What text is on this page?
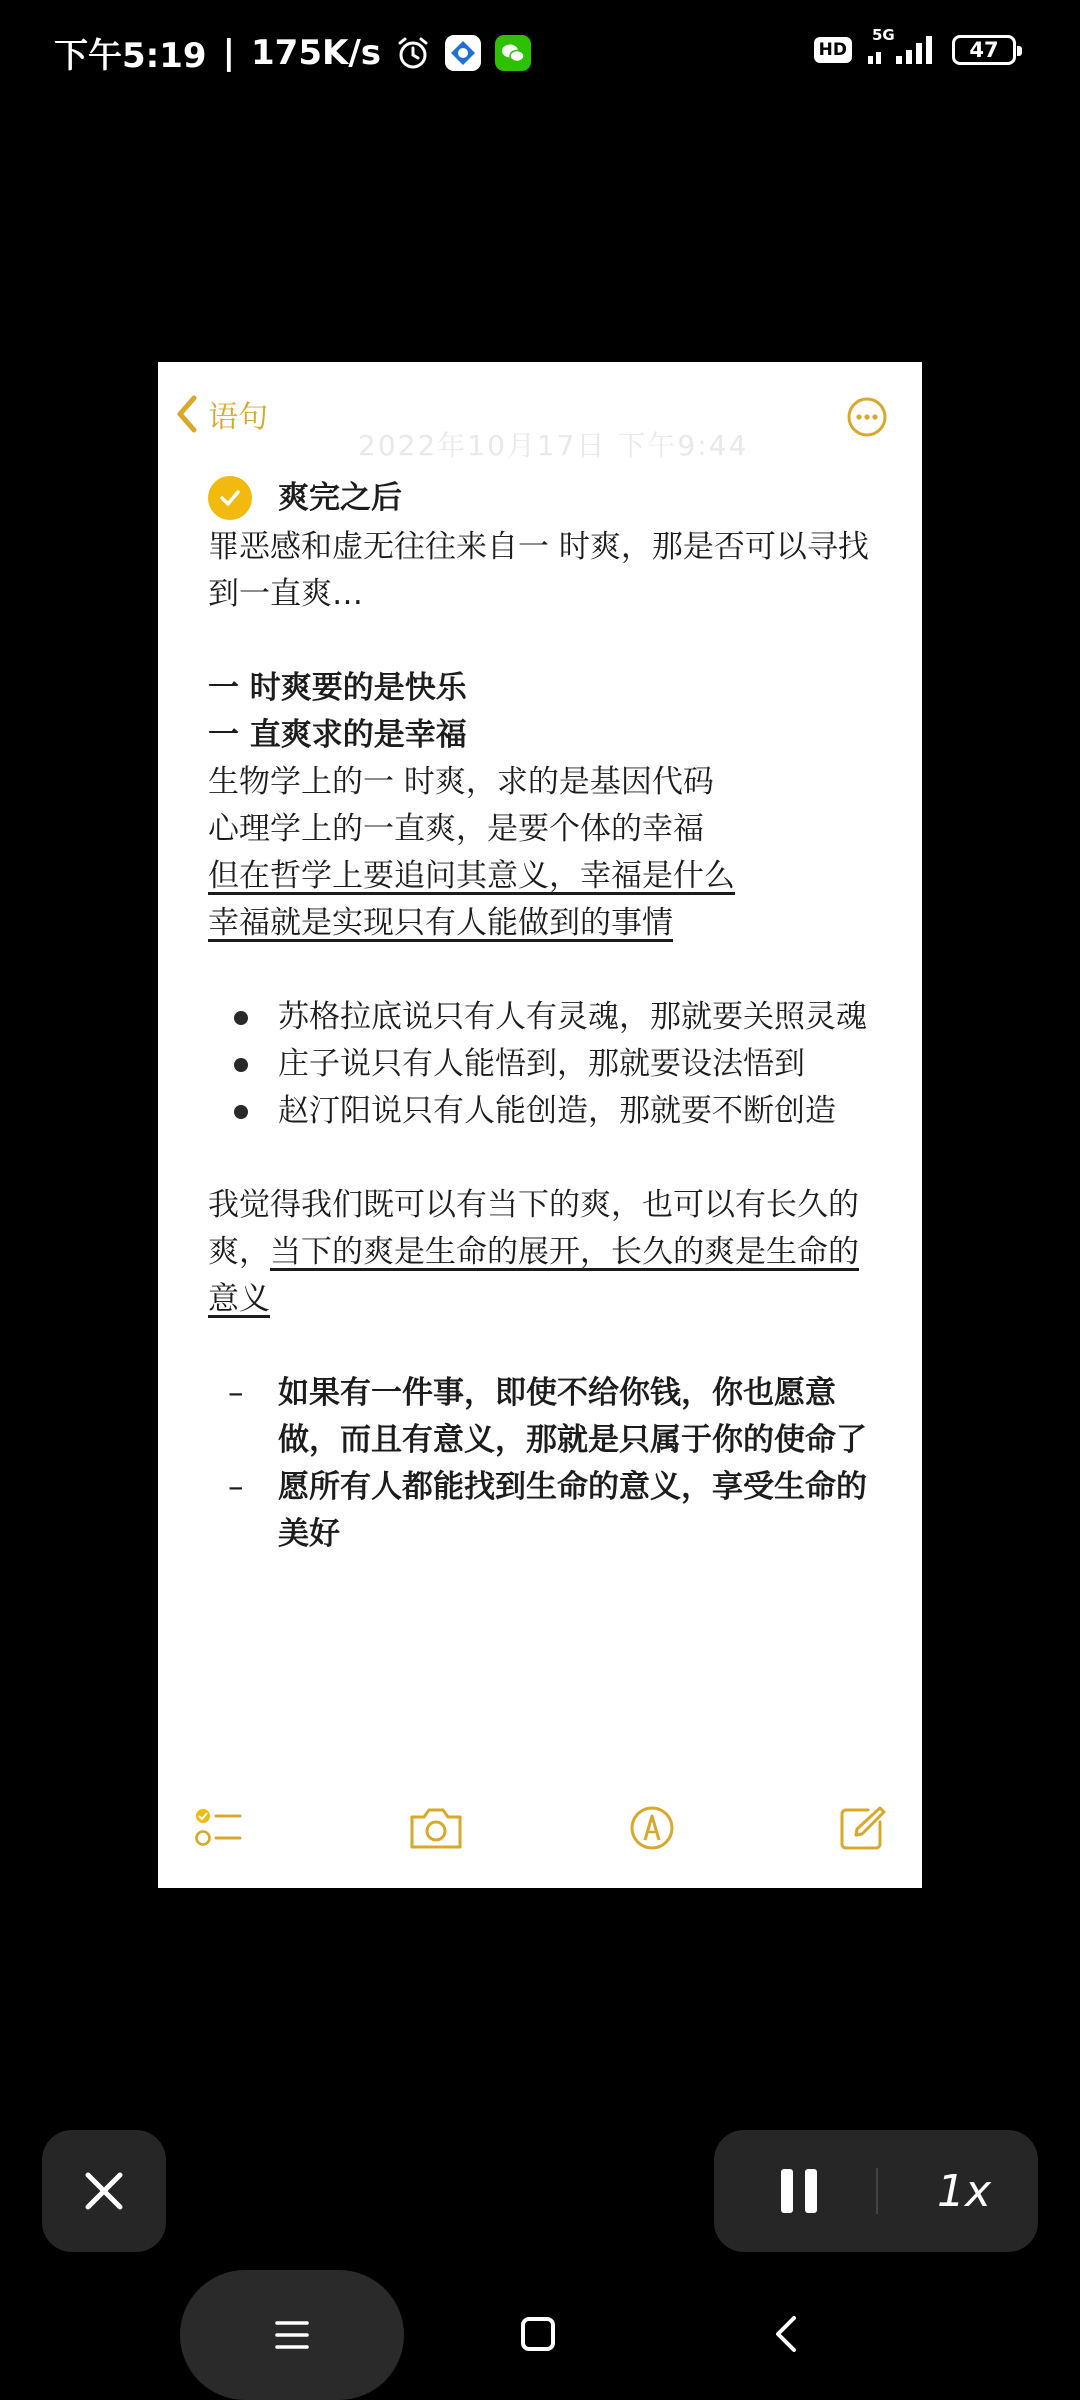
下午5:19 | 175K/s	HD
5G
47
语句
2022年10月17日 下午9:44
爽完之后

罪恶感和虚无往往来自一 时爽，那是否可以寻找到一直爽…

一 时爽要的是快乐

一 直爽求的是幸福

生物学上的一 时爽，求的是基因代码

心理学上的一直爽，是要个体的幸福

但在哲学上要追问其意义，幸福是什么

幸福就是实现只有人能做到的事情

苏格拉底说只有人有灵魂，那就要关照灵魂
庄子说只有人能悟到，那就要设法悟到
赵汀阳说只有人能创造，那就要不断创造

我觉得我们既可以有当下的爽，也可以有长久的爽，当下的爽是生命的展开，长久的爽是生命的意义

– 如果有一件事，即使不给你钱，你也愿意做，而且有意义，那就是只属于你的使命了
– 愿所有人都能找到生命的意义，享受生命的美好
1x
